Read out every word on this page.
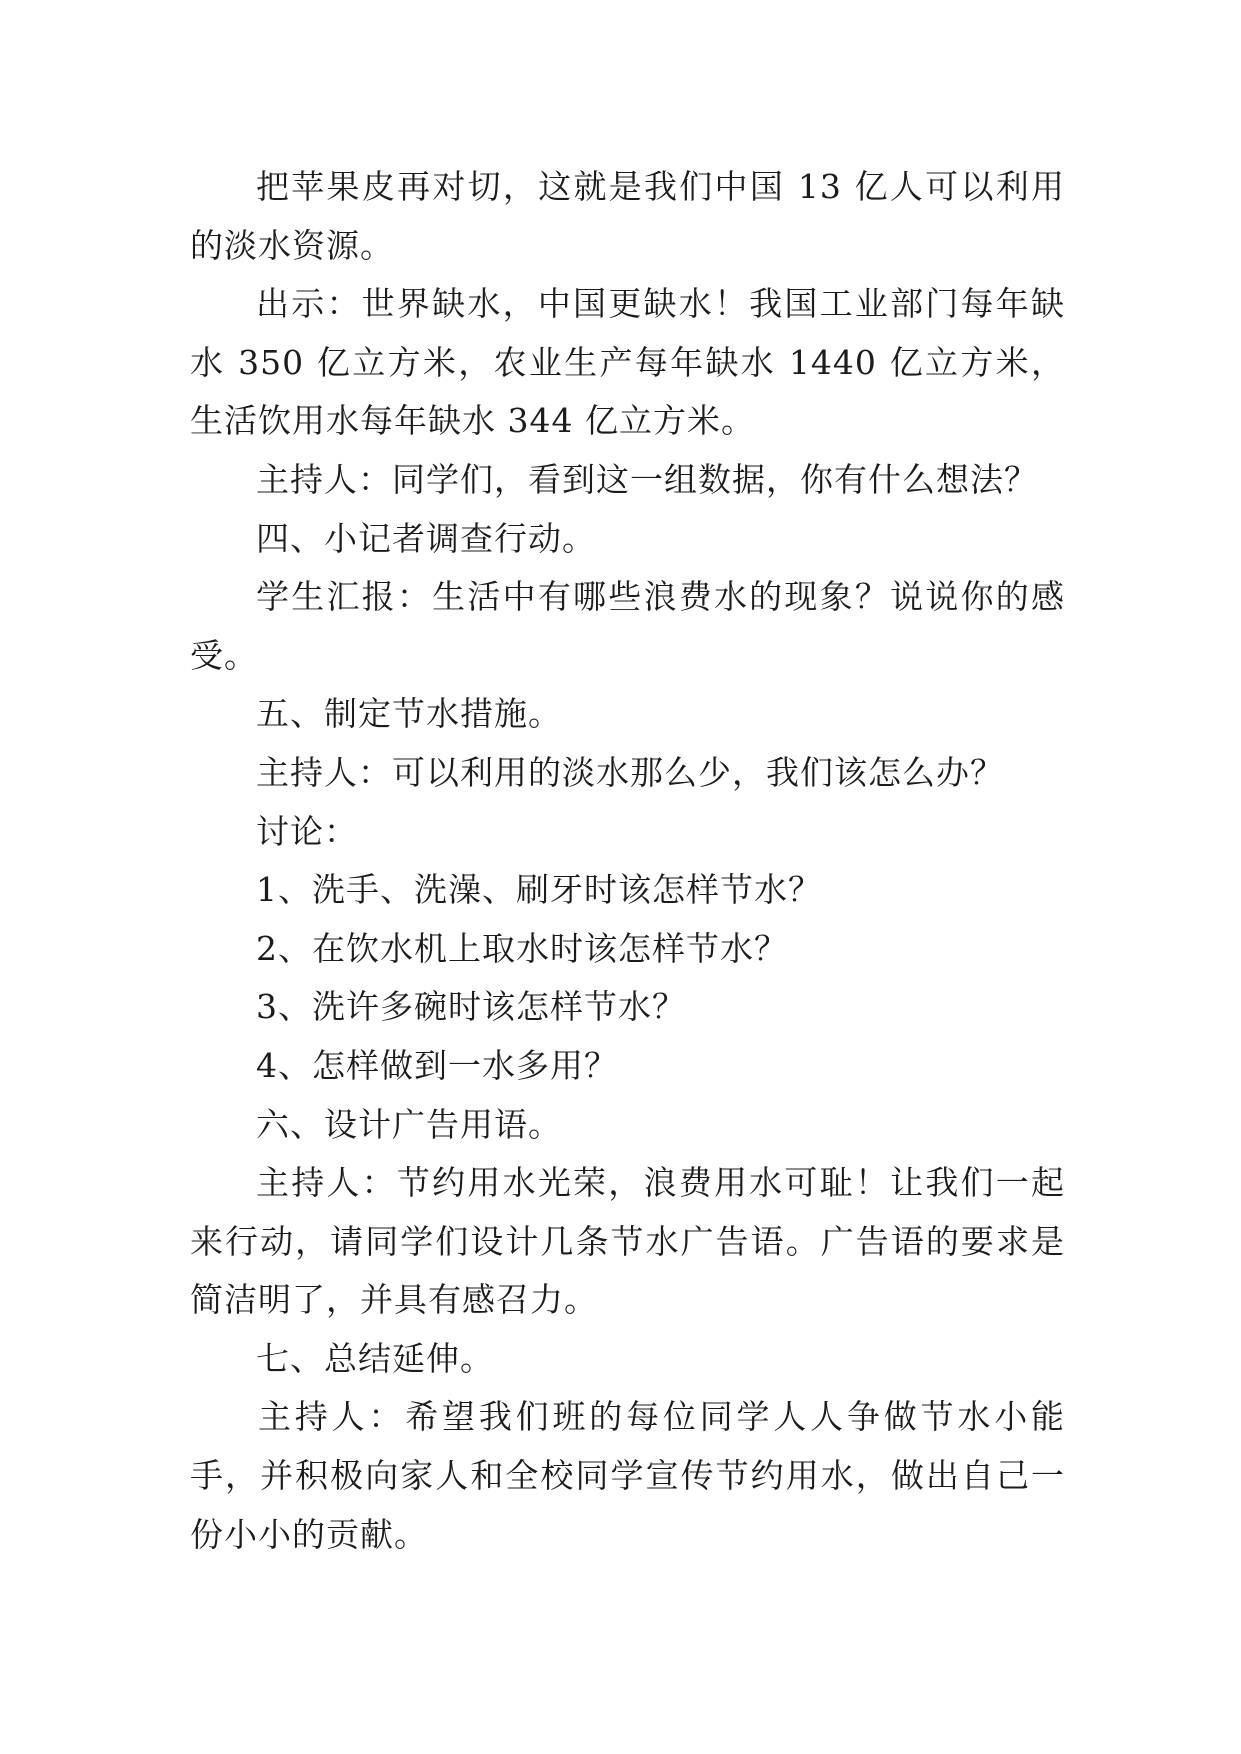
把苹果皮再对切，这就是我们中国 13 亿人可以利用的淡水资源。

出示：世界缺水，中国更缺水！我国工业部门每年缺水 350 亿立方米，农业生产每年缺水 1440 亿立方米，生活饮用水每年缺水 344 亿立方米。

主持人：同学们，看到这一组数据，你有什么想法？

四、小记者调查行动。

学生汇报：生活中有哪些浪费水的现象？说说你的感受。

五、制定节水措施。

主持人：可以利用的淡水那么少，我们该怎么办？

讨论：

1、洗手、洗澡、刷牙时该怎样节水？

2、在饮水机上取水时该怎样节水？

3、洗许多碗时该怎样节水？

4、怎样做到一水多用？

六、设计广告用语。

主持人：节约用水光荣，浪费用水可耻！让我们一起来行动，请同学们设计几条节水广告语。广告语的要求是简洁明了，并具有感召力。

七、总结延伸。

主持人：希望我们班的每位同学人人争做节水小能手，并积极向家人和全校同学宣传节约用水，做出自己一份小小的贡献。
